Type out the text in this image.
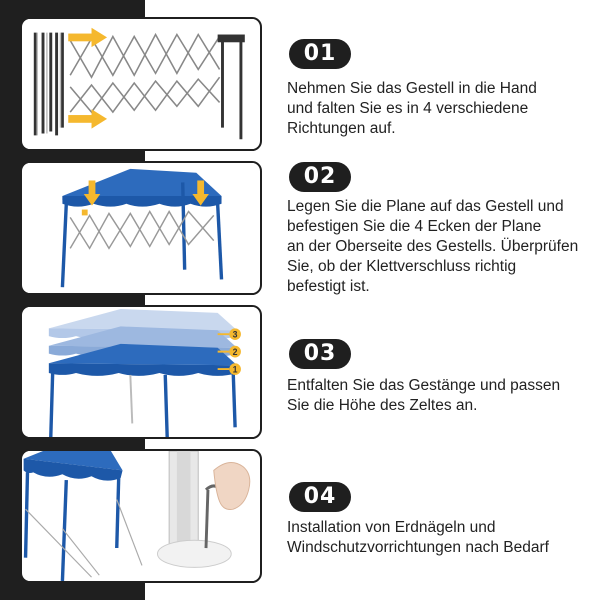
3
2
1
01
Nehmen Sie das Gestell in die Hand
und falten Sie es in 4 verschiedene
Richtungen auf.
02
Legen Sie die Plane auf das Gestell und
befestigen Sie die 4 Ecken der Plane
an der Oberseite des Gestells. Überprüfen
Sie, ob der Klettverschluss richtig
befestigt ist.
03
Entfalten Sie das Gestänge und passen
Sie die Höhe des Zeltes an.
04
Installation von Erdnägeln und
Windschutzvorrichtungen nach Bedarf
